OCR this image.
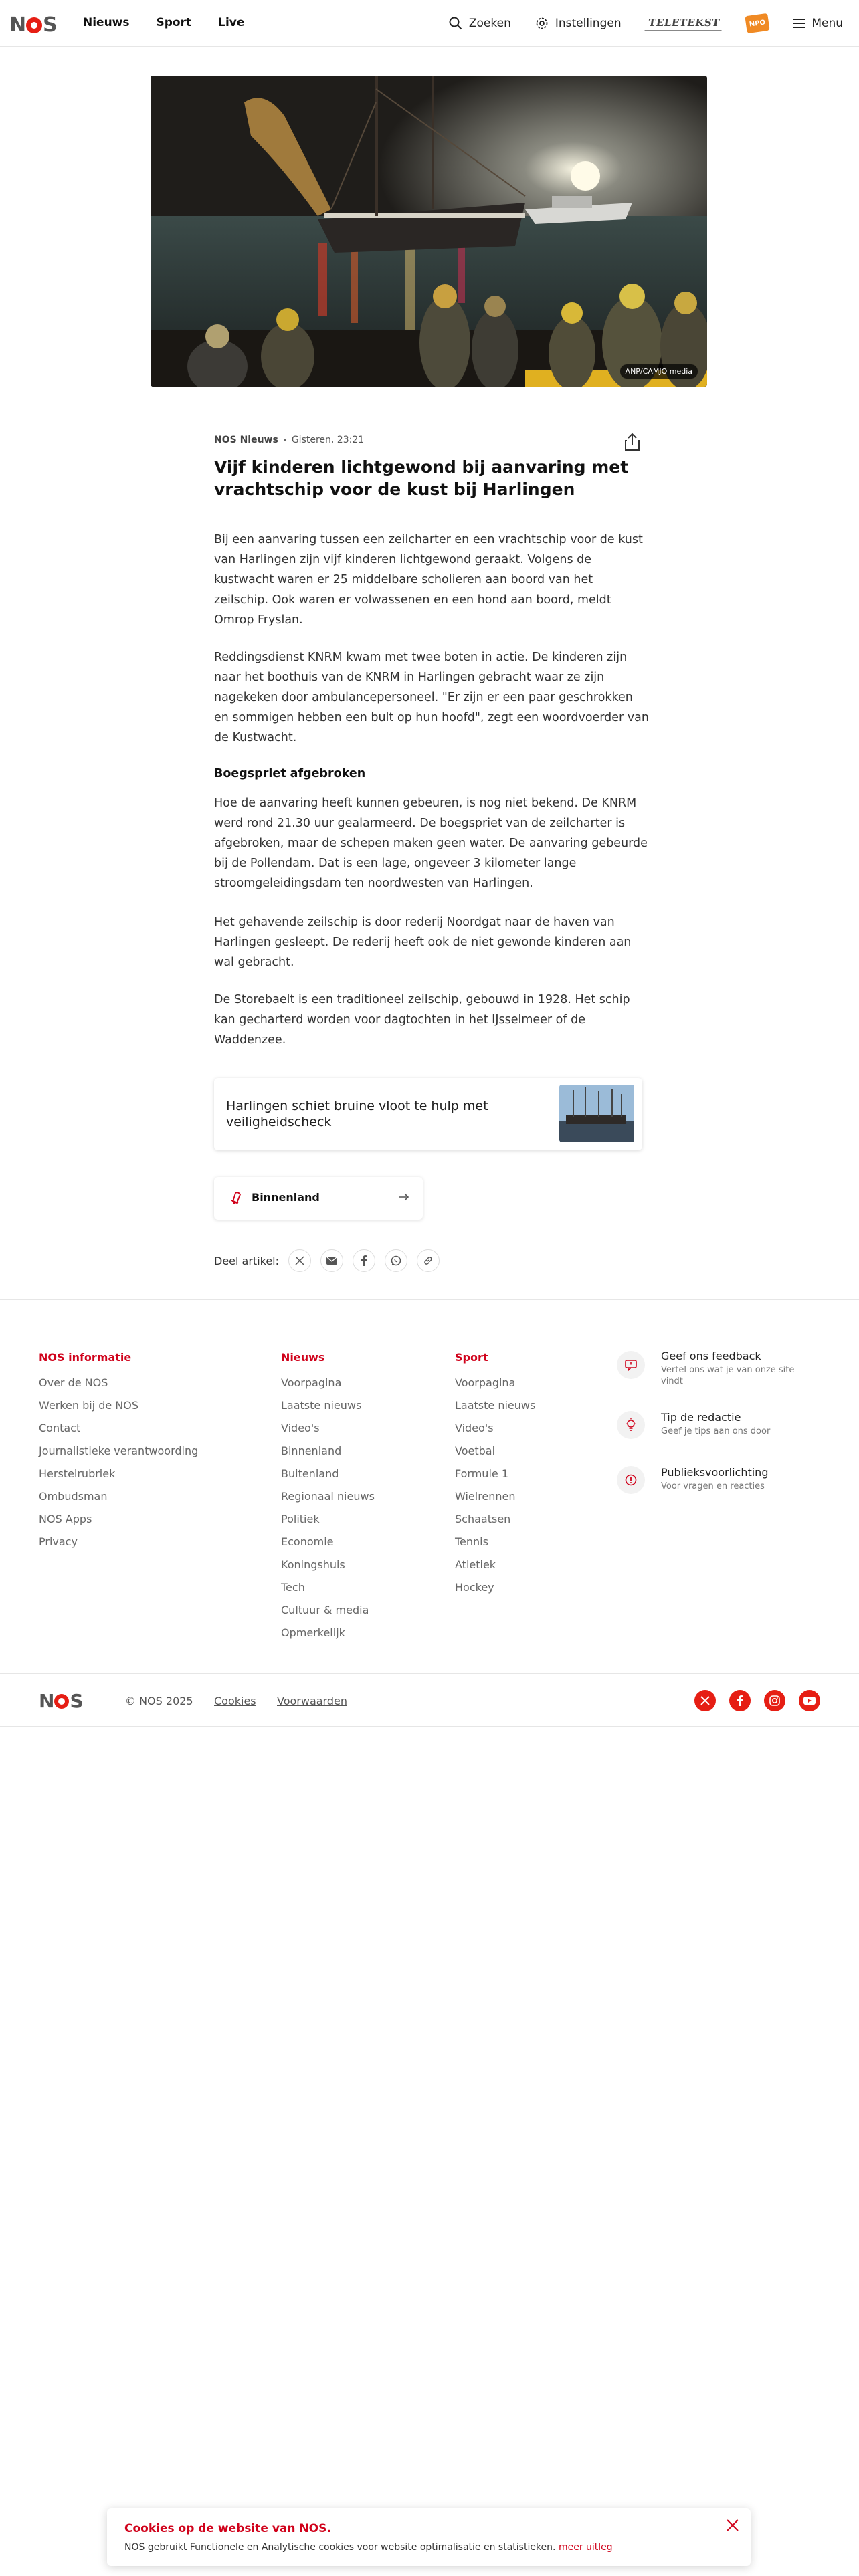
N S Nieuws Sport Live	Zoeken	Instellingen	TELETEKST	NPO	Menu
ANP/CAMJO media
NOS Nieuws Gisteren, 23:21
Vijf kinderen lichtgewond bij aanvaring met vrachtschip voor de kust bij Harlingen

Bij een aanvaring tussen een zeilcharter en een vrachtschip voor de kust van Harlingen zijn vijf kinderen lichtgewond geraakt. Volgens de kustwacht waren er 25 middelbare scholieren aan boord van het zeilschip. Ook waren er volwassenen en een hond aan boord, meldt Omrop Fryslan.

Reddingsdienst KNRM kwam met twee boten in actie. De kinderen zijn naar het boothuis van de KNRM in Harlingen gebracht waar ze zijn nagekeken door ambulancepersoneel. "Er zijn er een paar geschrokken en sommigen hebben een bult op hun hoofd", zegt een woordvoerder van de Kustwacht.

Boegspriet afgebroken

Hoe de aanvaring heeft kunnen gebeuren, is nog niet bekend. De KNRM werd rond 21.30 uur gealarmeerd. De boegspriet van de zeilcharter is afgebroken, maar de schepen maken geen water. De aanvaring gebeurde bij de Pollendam. Dat is een lage, ongeveer 3 kilometer lange stroomgeleidingsdam ten noordwesten van Harlingen.

Het gehavende zeilschip is door rederij Noordgat naar de haven van Harlingen gesleept. De rederij heeft ook de niet gewonde kinderen aan wal gebracht.

De Storebaelt is een traditioneel zeilschip, gebouwd in 1928. Het schip kan gecharterd worden voor dagtochten in het IJsselmeer of de Waddenzee.

Harlingen schiet bruine vloot te hulp met veiligheidscheck
Binnenland
Deel artikel:
NOS informatie
Over de NOS
Werken bij de NOS
Contact
Journalistieke verantwoording
Herstelrubriek
Ombudsman
NOS Apps
Privacy
Nieuws
Voorpagina
Laatste nieuws
Video's
Binnenland
Buitenland
Regionaal nieuws
Politiek
Economie
Koningshuis
Tech
Cultuur & media
Opmerkelijk
Sport
Voorpagina
Laatste nieuws
Video's
Voetbal
Formule 1
Wielrennen
Schaatsen
Tennis
Atletiek
Hockey
Geef ons feedback
Vertel ons wat je van onze site vindt
Tip de redactie
Geef je tips aan ons door
Publieksvoorlichting
Voor vragen en reacties
N S	© NOS 2025 Cookies Voorwaarden
Cookies op de website van NOS.
NOS gebruikt Functionele en Analytische cookies voor website optimalisatie en statistieken. meer uitleg
